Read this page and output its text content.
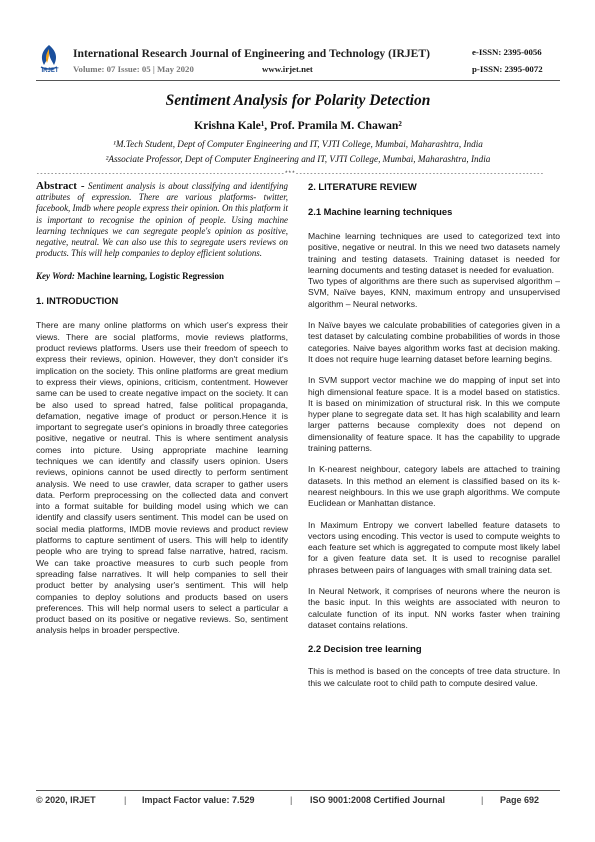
IRJET
International Research Journal of Engineering and Technology (IRJET)
Volume: 07 Issue: 05 | May 2020	www.irjet.net
e-ISSN: 2395-0056
p-ISSN: 2395-0072
Sentiment Analysis for Polarity Detection
Krishna Kale¹, Prof. Pramila M. Chawan²
¹M.Tech Student, Dept of Computer Engineering and IT, VJTI College, Mumbai, Maharashtra, India
²Associate Professor, Dept of Computer Engineering and IT, VJTI College, Mumbai, Maharashtra, India
---------------------------------------------------------------------***---------------------------------------------------------------------

Abstract - Sentiment analysis is about classifying and identifying attributes of expression. There are various platforms- twitter, facebook, Imdb where people express their opinion. On this platform it is important to recognise the opinion of people. Using machine learning techniques we can segregate people's opinion as positive, negative, neutral. We can also use this to segregate users reviews on products. This will help companies to deploy efficient solutions.

Key Word: Machine learning, Logistic Regression

1. INTRODUCTION

There are many online platforms on which user's express their views. There are social platforms, movie reviews platforms, product reviews platforms. Users use their freedom of speech to express their reviews, opinion. However, they don't consider it's implication on the society. This online platforms are great medium to express their views, opinions, criticism, contentment. However same can be used to create negative impact on the society. It can be also used to spread hatred, false political propaganda, defamation, negative image of product or person.Hence it is important to segregate user's opinions in broadly three categories positive, negative or neutral. This is where sentiment analysis comes into picture. Using appropriate machine learning techniques we can identify and classify users opinion. Users reviews, opinions cannot be used directly to perform sentiment analysis. We need to use crawler, data scraper to gather users data. Perform preprocessing on the collected data and convert into a format suitable for building model using which we can identify and classify users sentiment. This model can be used on social media platforms, IMDB movie reviews and product review platforms to capture sentiment of users. This will help to identify people who are trying to spread false narrative, hatred, racism. We can take proactive measures to curb such people from spreading false narratives. It will help companies to sell their product better by analysing user's sentiment. This will help companies to deploy solutions and products based on users preferences. This will help normal users to select a particular a product based on its positive or negative reviews. So, sentiment analysis helps in broader perspective.

2. LITERATURE REVIEW

2.1 Machine learning techniques

Machine learning techniques are used to categorized text into positive, negative or neutral. In this we need two datasets namely training and testing datasets. Training dataset is needed for learning documents and testing dataset is needed for evaluation.

Two types of algorithms are there such as supervised algorithm – SVM, Naïve bayes, KNN, maximum entropy and unsupervised algorithm – Neural networks.

In Naïve bayes we calculate probabilities of categories given in a test dataset by calculating combine probabilities of words in those categories. Naive bayes algorithm works fast at decision making. It does not require huge learning dataset before learning begins.

In SVM support vector machine we do mapping of input set into high dimensional feature space. It is a model based on statistics. It is based on minimization of structural risk. In this we compute hyper plane to segregate data set. It has high scalability and learn larger patterns because complexity does not depend on dimensionality of feature space. It has the capability to upgrade training patterns.

In K-nearest neighbour, category labels are attached to training datasets. In this method an element is classified based on its k-nearest neighbours. In this we use graph algorithms. We compute Euclidean or Manhattan distance.

In Maximum Entropy we convert labelled feature datasets to vectors using encoding. This vector is used to compute weights to each feature set which is aggregated to compute most likely label for a given feature data set. It is used to recognise parallel phrases between pairs of languages with small training data set.

In Neural Network, it comprises of neurons where the neuron is the basic input. In this weights are associated with neuron to calculate function of its input. NN works faster when training dataset contains relations.

2.2 Decision tree learning

This is method is based on the concepts of tree data structure. In this we calculate root to child path to compute desired value.

© 2020, IRJET	| Impact Factor value: 7.529	| ISO 9001:2008 Certified Journal	| Page 692
